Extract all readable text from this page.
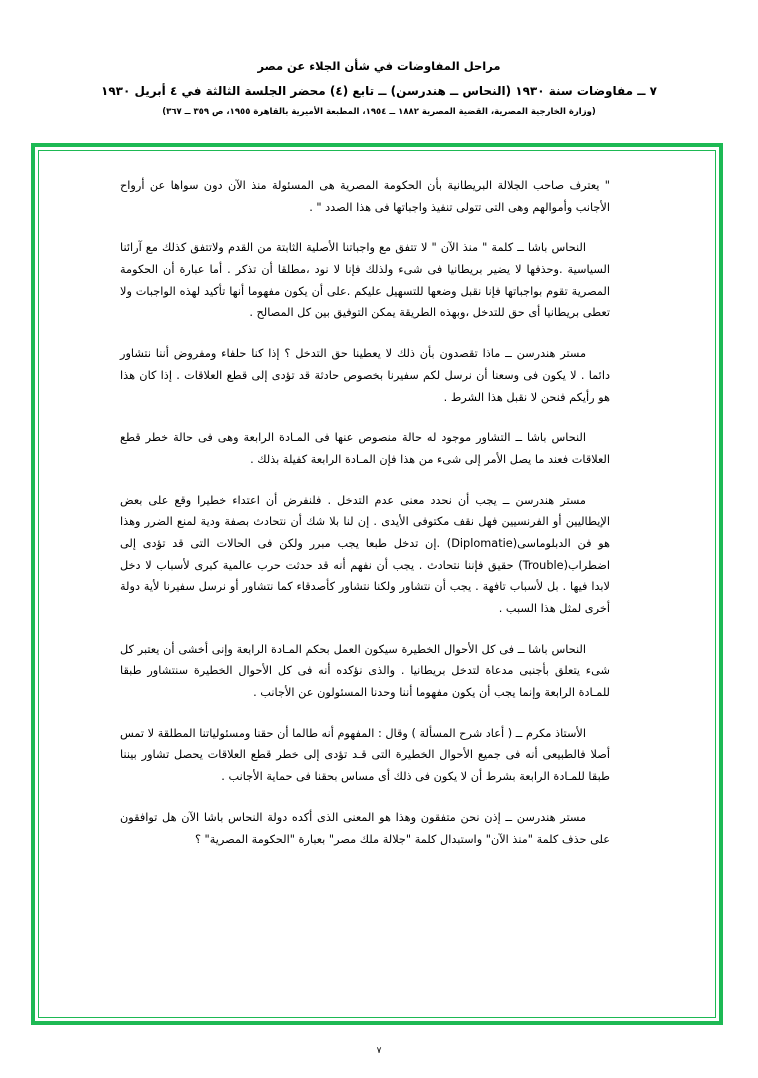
مراحل المفاوضات في شأن الجلاء عن مصر
٧ ــ مفاوضات سنة ١٩٣٠ (النحاس ــ هندرسن) ــ تابع (٤) محضر الجلسة الثالثة في ٤ أبريل ١٩٣٠
(وزارة الخارجية المصرية، القضية المصرية ١٨٨٢ ــ ١٩٥٤، المطبعة الأميرية بالقاهرة ١٩٥٥، ص ٣٥٩ ــ ٣٦٧)

" يعترف صاحب الجلالة البريطانية بأن الحكومة المصرية هى المسئولة منذ الآن دون سواها عن أرواح الأجانب وأموالهم وهى التى تتولى تنفيذ واجباتها فى هذا الصدد " .

النحاس باشا ــ كلمة " منذ الآن " لا تتفق مع واجباتنا الأصلية الثابتة من القدم ولاتتفق كذلك مع آرائنا السياسية .وحذفها لا يضير بريطانيا فى شىء ولذلك فإنا لا نود ،مطلقا أن تذكر . أما عبارة أن الحكومة المصرية تقوم بواجباتها فإنا نقبل وضعها للتسهيل عليكم .على أن يكون مفهوما أنها تأكيد لهذه الواجبات ولا تعطى بريطانيا أى حق للتدخل ،وبهذه الطريقة يمكن التوفيق بين كل المصالح .

مستر هندرسن ــ ماذا تقصدون بأن ذلك لا يعطينا حق التدخل ؟ إذا كنا حلفاء ومفروض أننا نتشاور دائما . لا يكون فى وسعنا أن نرسل لكم سفيرنا بخصوص حادثة قد تؤدى إلى قطع العلاقات . إذا كان هذا هو رأيكم فنحن لا نقبل هذا الشرط .

النحاس باشا ــ التشاور موجود له حالة منصوص عنها فى المـادة الرابعة وهى فى حالة خطر قطع العلاقات فعند ما يصل الأمر إلى شىء من هذا فإن المـادة الرابعة كفيلة بذلك .

مستر هندرسن ــ يجب أن نحدد معنى عدم التدخل . فلنفرض أن اعتداء خطيرا وقع على بعض الإيطاليين أو الفرنسيين فهل نقف مكتوفى الأيدى . إن لنا بلا شك أن نتحادث بصفة ودية لمنع الضرر وهذا هو فن الدبلوماسى(Diplomatie) .إن تدخل طبعا يجب مبرر ولكن فى الحالات التى قد تؤدى إلى اضطراب(Trouble) حقيق فإننا نتحادث . يجب أن نفهم أنه قد حدثت حرب عالمية كبرى لأسباب لا دخل لابدا فيها . بل لأسباب تافهة . يجب أن نتشاور ولكنا نتشاور كأصدقاء كما نتشاور أو نرسل سفيرنا لأية دولة أخرى لمثل هذا السبب .

النحاس باشا ــ فى كل الأحوال الخطيرة سيكون العمل بحكم المـادة الرابعة وإنى أخشى أن يعتبر كل شىء يتعلق بأجنبى مدعاة لتدخل بريطانيا . والذى نؤكده أنه فى كل الأحوال الخطيرة سنتشاور طبقا للمـادة الرابعة وإنما يجب أن يكون مفهوما أننا وحدنا المسئولون عن الأجانب .

الأستاذ مكرم ــ ( أعاد شرح المسألة ) وقال : المفهوم أنه طالما أن حقنا ومسئولياتنا المطلقة لا تمس أصلا فالطبيعى أنه فى جميع الأحوال الخطيرة التى قـد تؤدى إلى خطر قطع العلاقات يحصل تشاور بيننا طبقا للمـادة الرابعة بشرط أن لا يكون فى ذلك أى مساس بحقنا فى حماية الأجانب .

مستر هندرسن ــ إذن نحن متفقون وهذا هو المعنى الذى أكده دولة النحاس باشا الآن هل توافقون على حذف كلمة "منذ الآن" واستبدال كلمة "جلالة ملك مصر" بعبارة "الحكومة المصرية" ؟

٧
